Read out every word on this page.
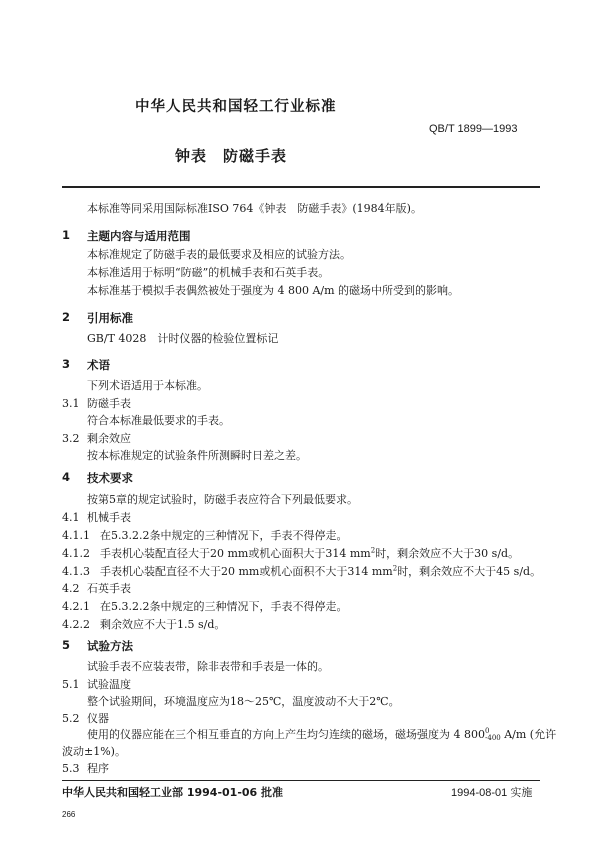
中华人民共和国轻工行业标准
QB/T 1899—1993
钟表　防磁手表
本标准等同采用国际标准ISO 764《钟表　防磁手表》(1984年版)。
1 主题内容与适用范围
本标准规定了防磁手表的最低要求及相应的试验方法。
本标准适用于标明“防磁”的机械手表和石英手表。
本标准基于模拟手表偶然被处于强度为 4 800 A/m 的磁场中所受到的影响。
2 引用标准
GB/T 4028　计时仪器的检验位置标记
3 术语
下列术语适用于本标准。
3.1 防磁手表
符合本标准最低要求的手表。
3.2 剩余效应
按本标准规定的试验条件所测瞬时日差之差。
4 技术要求
按第5章的规定试验时，防磁手表应符合下列最低要求。
4.1 机械手表
4.1.1 在5.3.2.2条中规定的三种情况下，手表不得停走。
4.1.2 手表机心装配直径大于20 mm或机心面积大于314 $mm^2$时，剩余效应不大于30 s/d。
4.1.3 手表机心装配直径不大于20 mm或机心面积不大于314 $mm^2$时，剩余效应不大于45 s/d。
4.2 石英手表
4.2.1 在5.3.2.2条中规定的三种情况下，手表不得停走。
4.2.2 剩余效应不大于1.5 s/d。
5 试验方法
试验手表不应装表带，除非表带和手表是一体的。
5.1 试验温度
整个试验期间，环境温度应为18～25℃，温度波动不大于2℃。
5.2 仪器
使用的仪器应能在三个相互垂直的方向上产生均匀连续的磁场，磁场强度为 4 800 0
-400 A/m (允许
波动±1%)。
5.3 程序
中华人民共和国轻工业部 1994-01-06 批准	1994-08-01 实施
266
